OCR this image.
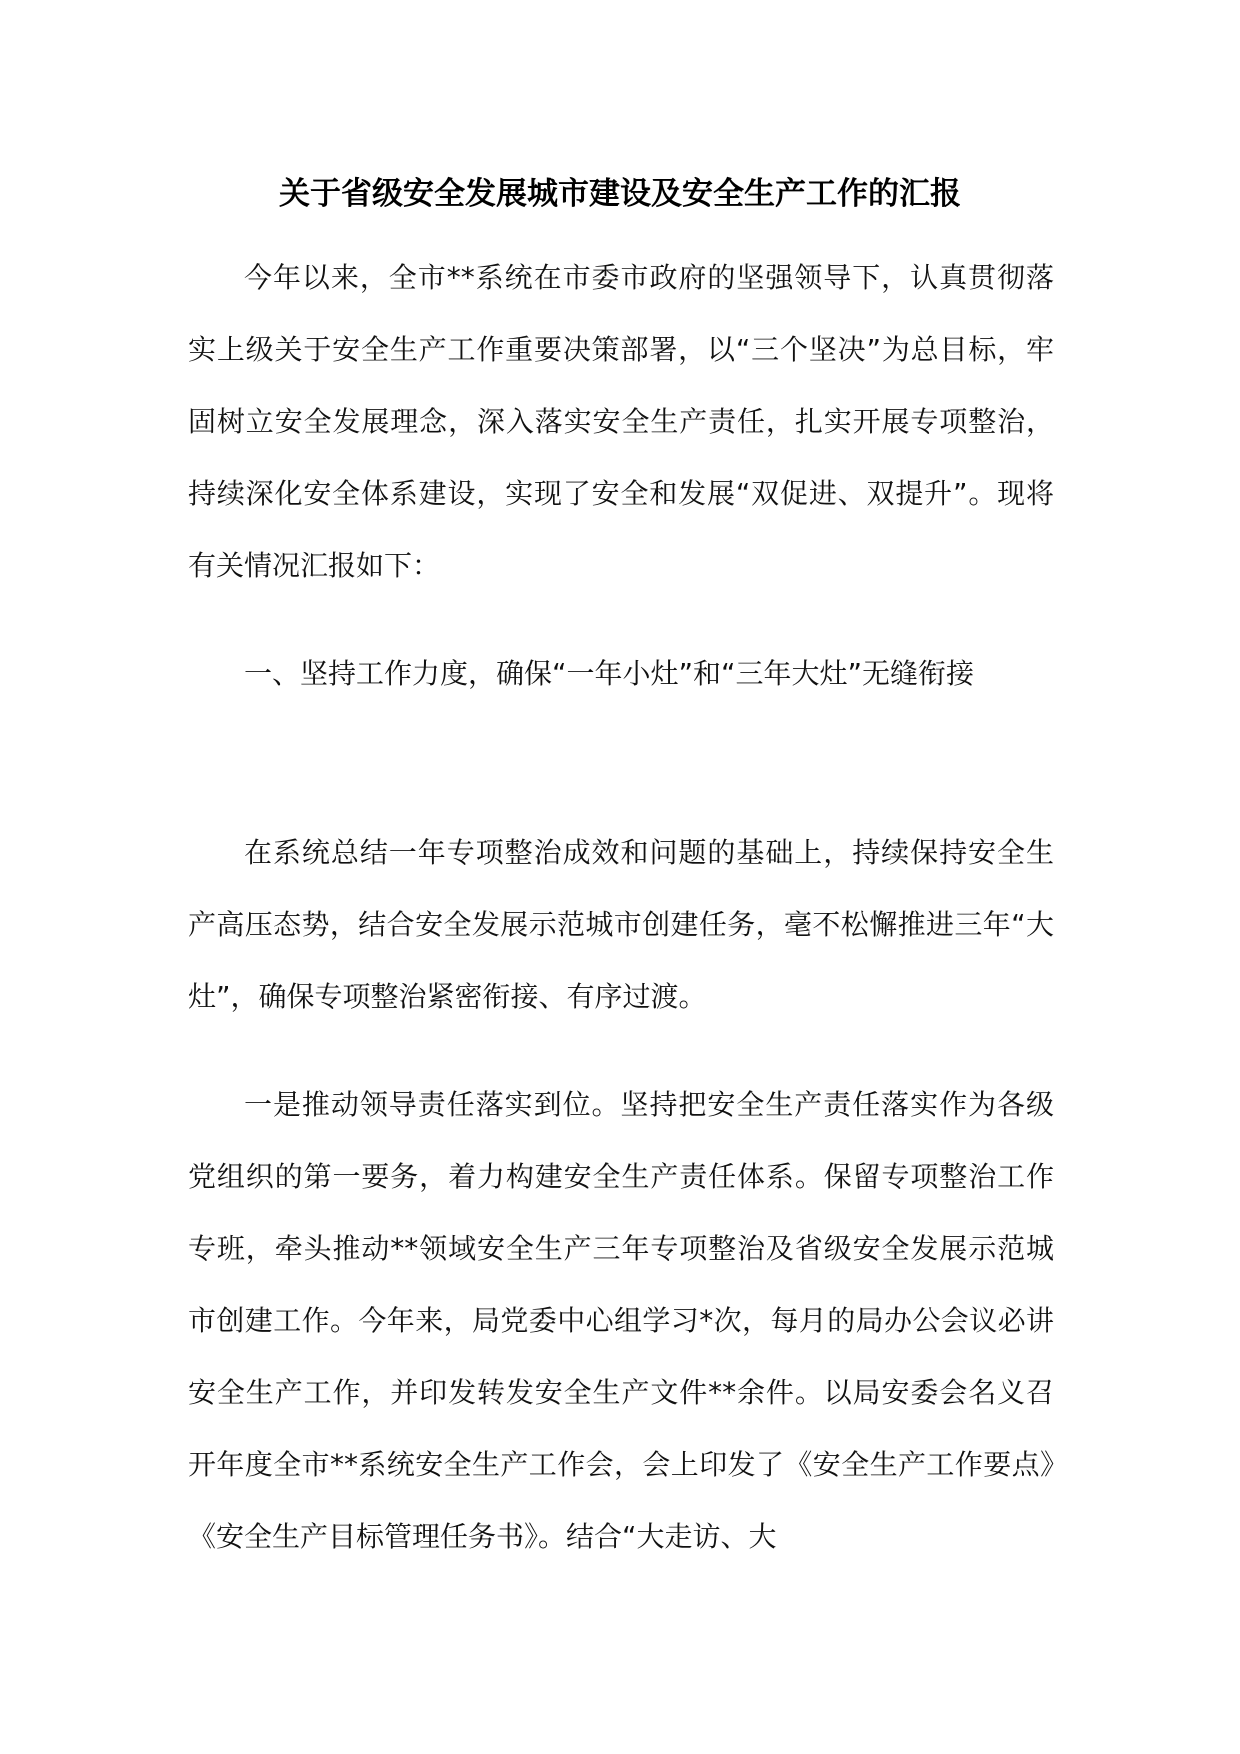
关于省级安全发展城市建设及安全生产工作的汇报

今年以来，全市**系统在市委市政府的坚强领导下，认真贯彻落实上级关于安全生产工作重要决策部署，以“三个坚决”为总目标，牢固树立安全发展理念，深入落实安全生产责任，扎实开展专项整治，持续深化安全体系建设，实现了安全和发展“双促进、双提升”。现将有关情况汇报如下：

一、坚持工作力度，确保“一年小灶”和“三年大灶”无缝衔接

在系统总结一年专项整治成效和问题的基础上，持续保持安全生产高压态势，结合安全发展示范城市创建任务，毫不松懈推进三年“大灶”，确保专项整治紧密衔接、有序过渡。

一是推动领导责任落实到位。坚持把安全生产责任落实作为各级党组织的第一要务，着力构建安全生产责任体系。保留专项整治工作专班，牵头推动**领域安全生产三年专项整治及省级安全发展示范城市创建工作。今年来，局党委中心组学习*次，每月的局办公会议必讲安全生产工作，并印发转发安全生产文件**余件。以局安委会名义召开年度全市**系统安全生产工作会，会上印发了《安全生产工作要点》《安全生产目标管理任务书》。结合“大走访、大
